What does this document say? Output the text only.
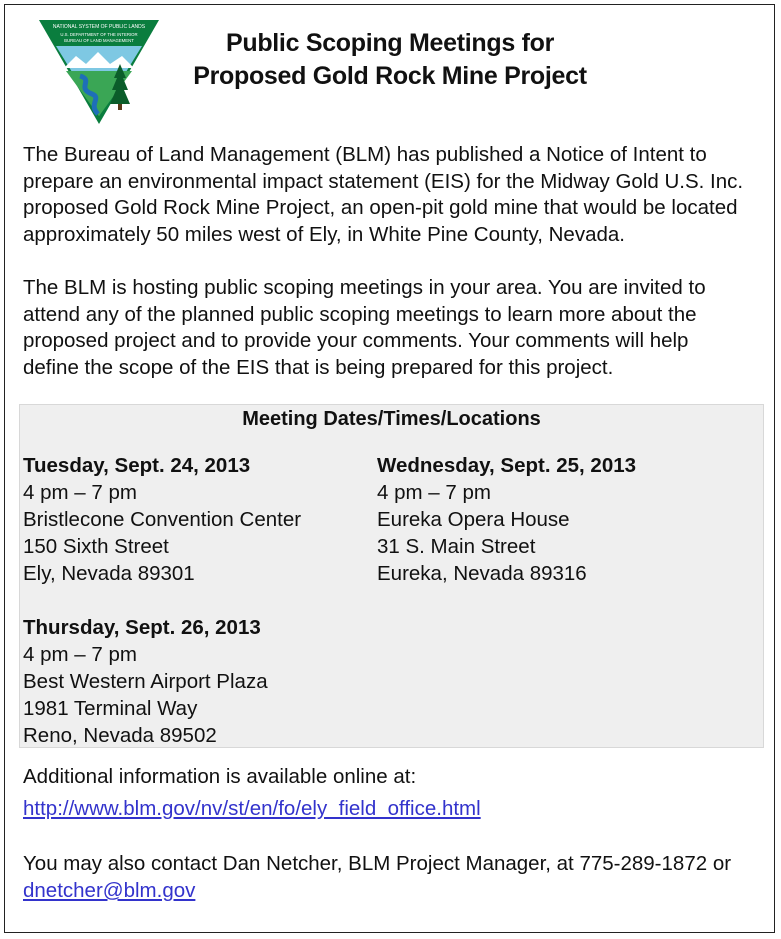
NATIONAL SYSTEM OF PUBLIC LANDS
U.S. DEPARTMENT OF THE INTERIOR
BUREAU OF LAND MANAGEMENT	Public Scoping Meetings for
Proposed Gold Rock Mine Project
The Bureau of Land Management (BLM) has published a Notice of Intent to
prepare an environmental impact statement (EIS) for the Midway Gold U.S. Inc.
proposed Gold Rock Mine Project, an open-pit gold mine that would be located
approximately 50 miles west of Ely, in White Pine County, Nevada.
The BLM is hosting public scoping meetings in your area. You are invited to
attend any of the planned public scoping meetings to learn more about the
proposed project and to provide your comments. Your comments will help
define the scope of the EIS that is being prepared for this project.
Meeting Dates/Times/Locations
Tuesday, Sept. 24, 2013
4 pm – 7 pm
Bristlecone Convention Center
150 Sixth Street
Ely, Nevada 89301
Wednesday, Sept. 25, 2013
4 pm – 7 pm
Eureka Opera House
31 S. Main Street
Eureka, Nevada 89316
Thursday, Sept. 26, 2013
4 pm – 7 pm
Best Western Airport Plaza
1981 Terminal Way
Reno, Nevada 89502
Additional information is available online at:
http://www.blm.gov/nv/st/en/fo/ely_field_office.html
You may also contact Dan Netcher, BLM Project Manager, at 775-289-1872 or
dnetcher@blm.gov
